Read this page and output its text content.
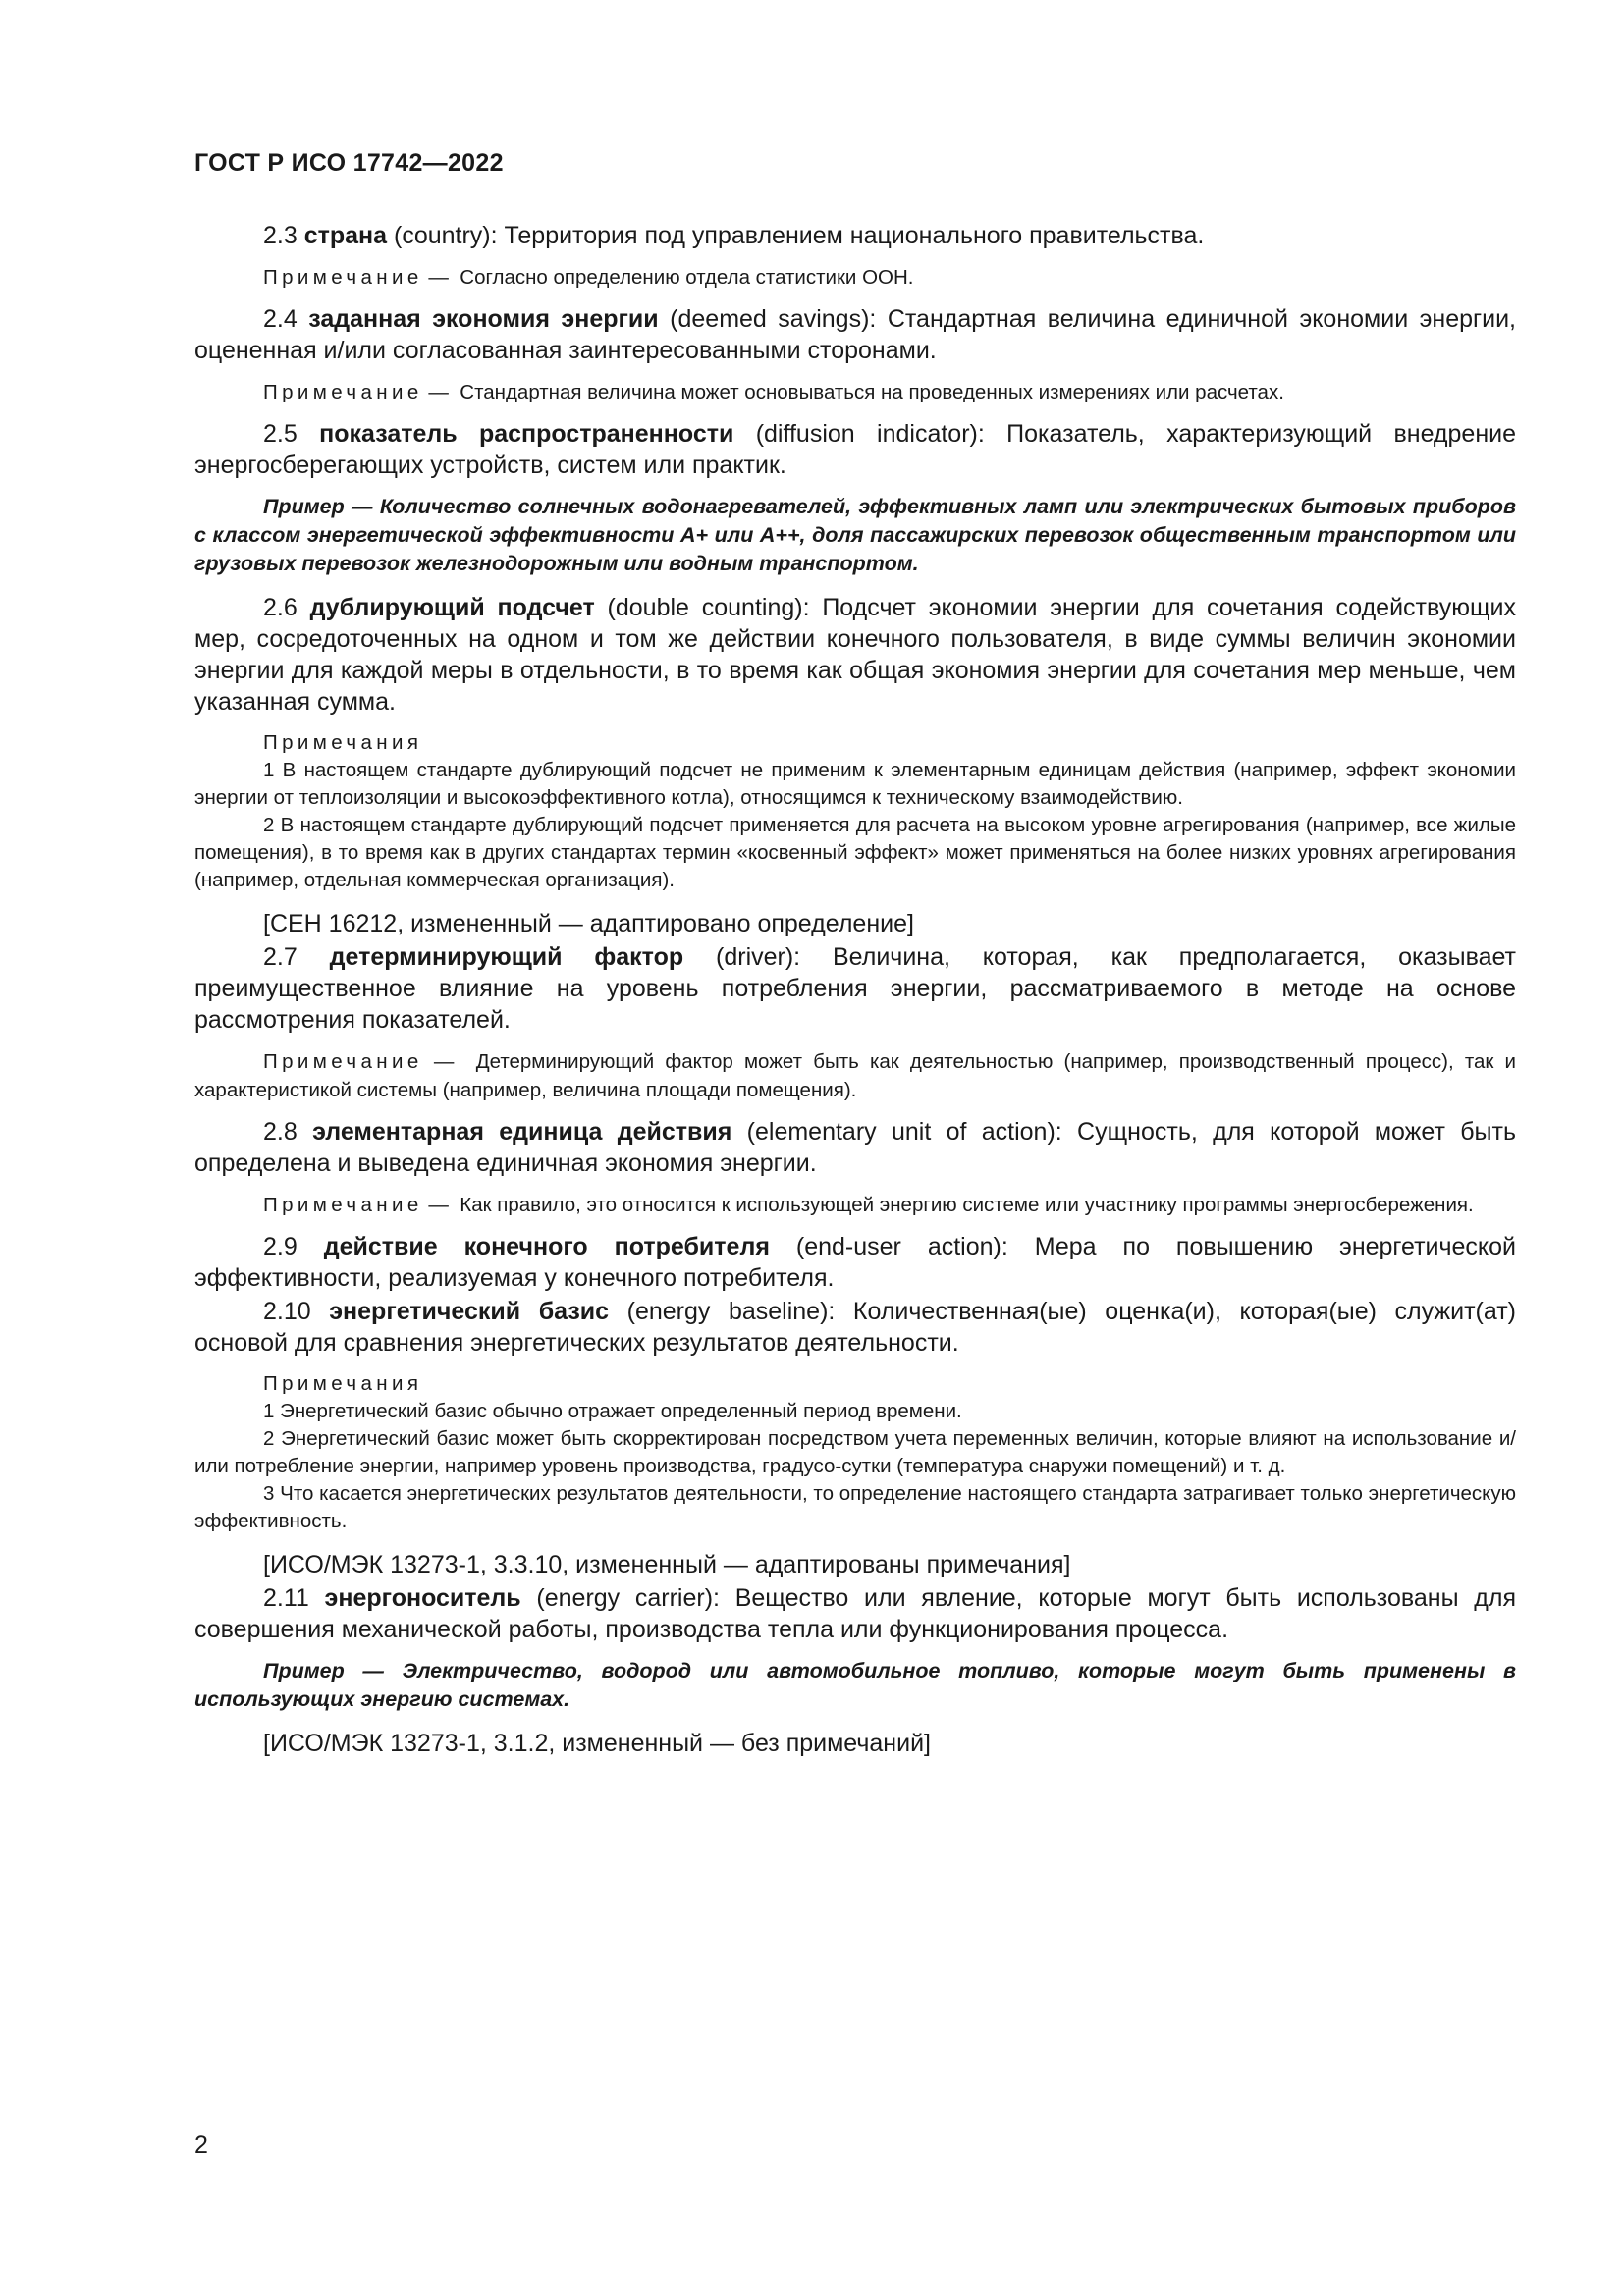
ГОСТ Р ИСО 17742—2022

2.3 страна (country): Территория под управлением национального правительства.

Примечание — Согласно определению отдела статистики ООН.

2.4 заданная экономия энергии (deemed savings): Стандартная величина единичной экономии энергии, оцененная и/или согласованная заинтересованными сторонами.

Примечание — Стандартная величина может основываться на проведенных измерениях или расчетах.

2.5 показатель распространенности (diffusion indicator): Показатель, характеризующий внедрение энергосберегающих устройств, систем или практик.

Пример — Количество солнечных водонагревателей, эффективных ламп или электрических бытовых приборов с классом энергетической эффективности A+ или A++, доля пассажирских перевозок общественным транспортом или грузовых перевозок железнодорожным или водным транспортом.

2.6 дублирующий подсчет (double counting): Подсчет экономии энергии для сочетания содействующих мер, сосредоточенных на одном и том же действии конечного пользователя, в виде суммы величин экономии энергии для каждой меры в отдельности, в то время как общая экономия энергии для сочетания мер меньше, чем указанная сумма.

Примечания

1 В настоящем стандарте дублирующий подсчет не применим к элементарным единицам действия (например, эффект экономии энергии от теплоизоляции и высокоэффективного котла), относящимся к техническому взаимодействию.

2 В настоящем стандарте дублирующий подсчет применяется для расчета на высоком уровне агрегирования (например, все жилые помещения), в то время как в других стандартах термин «косвенный эффект» может применяться на более низких уровнях агрегирования (например, отдельная коммерческая организация).

[СЕН 16212, измененный — адаптировано определение]

2.7 детерминирующий фактор (driver): Величина, которая, как предполагается, оказывает преимущественное влияние на уровень потребления энергии, рассматриваемого в методе на основе рассмотрения показателей.

Примечание — Детерминирующий фактор может быть как деятельностью (например, производственный процесс), так и характеристикой системы (например, величина площади помещения).

2.8 элементарная единица действия (elementary unit of action): Сущность, для которой может быть определена и выведена единичная экономия энергии.

Примечание — Как правило, это относится к использующей энергию системе или участнику программы энергосбережения.

2.9 действие конечного потребителя (end-user action): Мера по повышению энергетической эффективности, реализуемая у конечного потребителя.

2.10 энергетический базис (energy baseline): Количественная(ые) оценка(и), которая(ые) служит(ат) основой для сравнения энергетических результатов деятельности.

Примечания

1 Энергетический базис обычно отражает определенный период времени.

2 Энергетический базис может быть скорректирован посредством учета переменных величин, которые влияют на использование и/или потребление энергии, например уровень производства, градусо-сутки (температура снаружи помещений) и т. д.

3 Что касается энергетических результатов деятельности, то определение настоящего стандарта затрагивает только энергетическую эффективность.

[ИСО/МЭК 13273-1, 3.3.10, измененный — адаптированы примечания]

2.11 энергоноситель (energy carrier): Вещество или явление, которые могут быть использованы для совершения механической работы, производства тепла или функционирования процесса.

Пример — Электричество, водород или автомобильное топливо, которые могут быть применены в использующих энергию системах.

[ИСО/МЭК 13273-1, 3.1.2, измененный — без примечаний]

2
